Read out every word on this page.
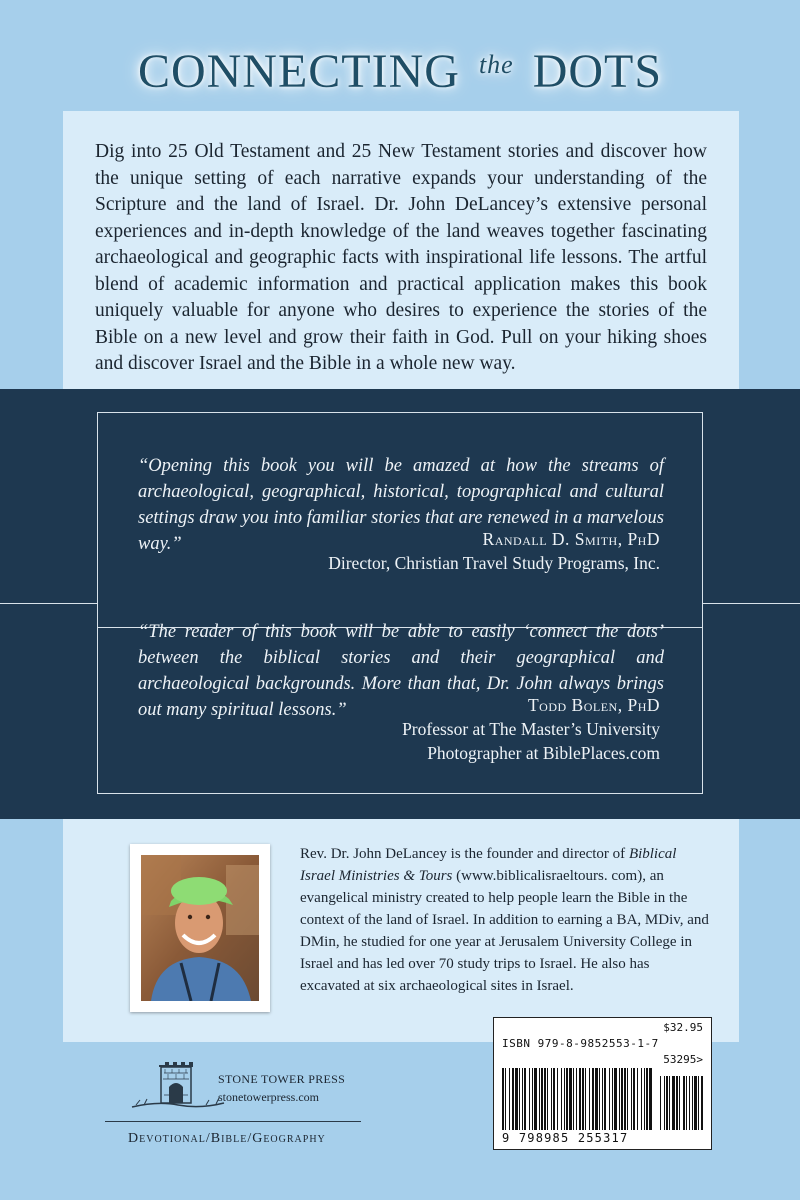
CONNECTING $^{the}$ DOTS
Dig into 25 Old Testament and 25 New Testament stories and discover how the unique setting of each narrative expands your understanding of the Scripture and the land of Israel. Dr. John DeLancey’s extensive personal experiences and in-depth knowledge of the land weaves together fascinating archaeological and geographic facts with inspirational life lessons. The artful blend of academic information and practical application makes this book uniquely valuable for anyone who desires to experience the stories of the Bible on a new level and grow their faith in God. Pull on your hiking shoes and discover Israel and the Bible in a whole new way.
“Opening this book you will be amazed at how the streams of archaeological, geographical, historical, topographical and cultural settings draw you into familiar stories that are renewed in a marvelous way.”	Randall D. Smith, PhD
Director, Christian Travel Study Programs, Inc.
“The reader of this book will be able to easily ‘connect the dots’ between the biblical stories and their geographical and archaeological backgrounds. More than that, Dr. John always brings out many spiritual lessons.”	Todd Bolen, PhD
Professor at The Master’s University
Photographer at BiblePlaces.com
Rev. Dr. John DeLancey is the founder and director of Biblical Israel Ministries & Tours (www.biblicalisraeltours. com), an evangelical ministry created to help people learn the Bible in the context of the land of Israel. In addition to earning a BA, MDiv, and DMin, he studied for one year at Jerusalem University College in Israel and has led over 70 study trips to Israel. He also has excavated at six archaeological sites in Israel.
STONE TOWER PRESS
stonetowerpress.com
Devotional/Bible/Geography
$32.95
ISBN 979-8-9852553-1-7
53295>
9 798985 255317
